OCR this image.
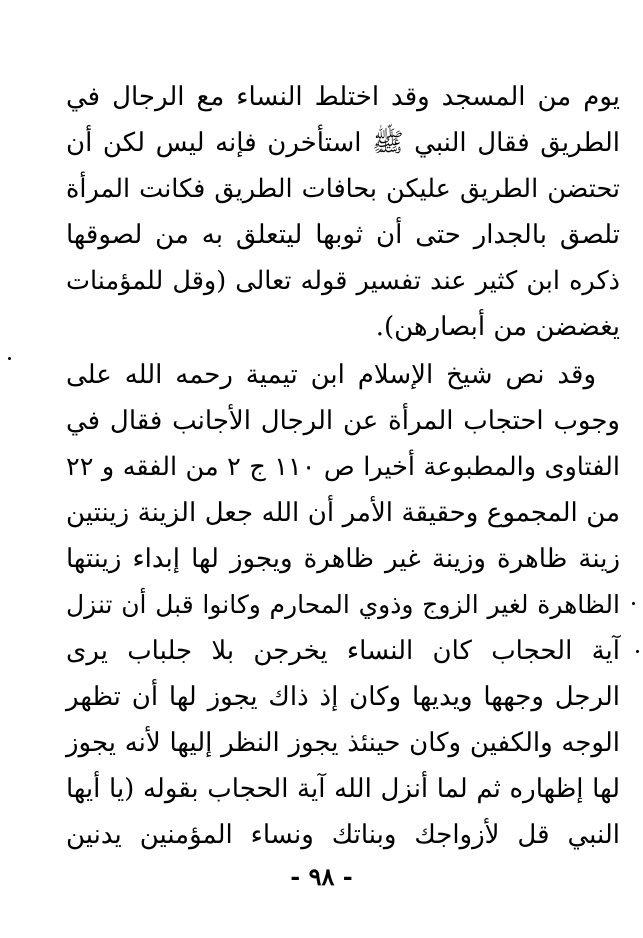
يوم من المسجد وقد اختلط النساء مع الرجال في
الطريق فقال النبي ﷺ استأخرن فإنه ليس لكن أن
تحتضن الطريق عليكن بحافات الطريق فكانت المرأة
تلصق بالجدار حتى أن ثوبها ليتعلق به من لصوقها
ذكره ابن كثير عند تفسير قوله تعالى (وقل للمؤمنات
يغضضن من أبصارهن).
وقد نص شيخ الإسلام ابن تيمية رحمه الله على
وجوب احتجاب المرأة عن الرجال الأجانب فقال في
الفتاوى والمطبوعة أخيرا ص ١١٠ ج ٢ من الفقه و ٢٢
من المجموع وحقيقة الأمر أن الله جعل الزينة زينتين
زينة ظاهرة وزينة غير ظاهرة ويجوز لها إبداء زينتها
الظاهرة لغير الزوج وذوي المحارم وكانوا قبل أن تنزل
آية الحجاب كان النساء يخرجن بلا جلباب يرى
الرجل وجهها ويديها وكان إذ ذاك يجوز لها أن تظهر
الوجه والكفين وكان حينئذ يجوز النظر إليها لأنه يجوز
لها إظهاره ثم لما أنزل الله آية الحجاب بقوله (يا أيها
النبي قل لأزواجك وبناتك ونساء المؤمنين يدنين
- ٩٨ -
